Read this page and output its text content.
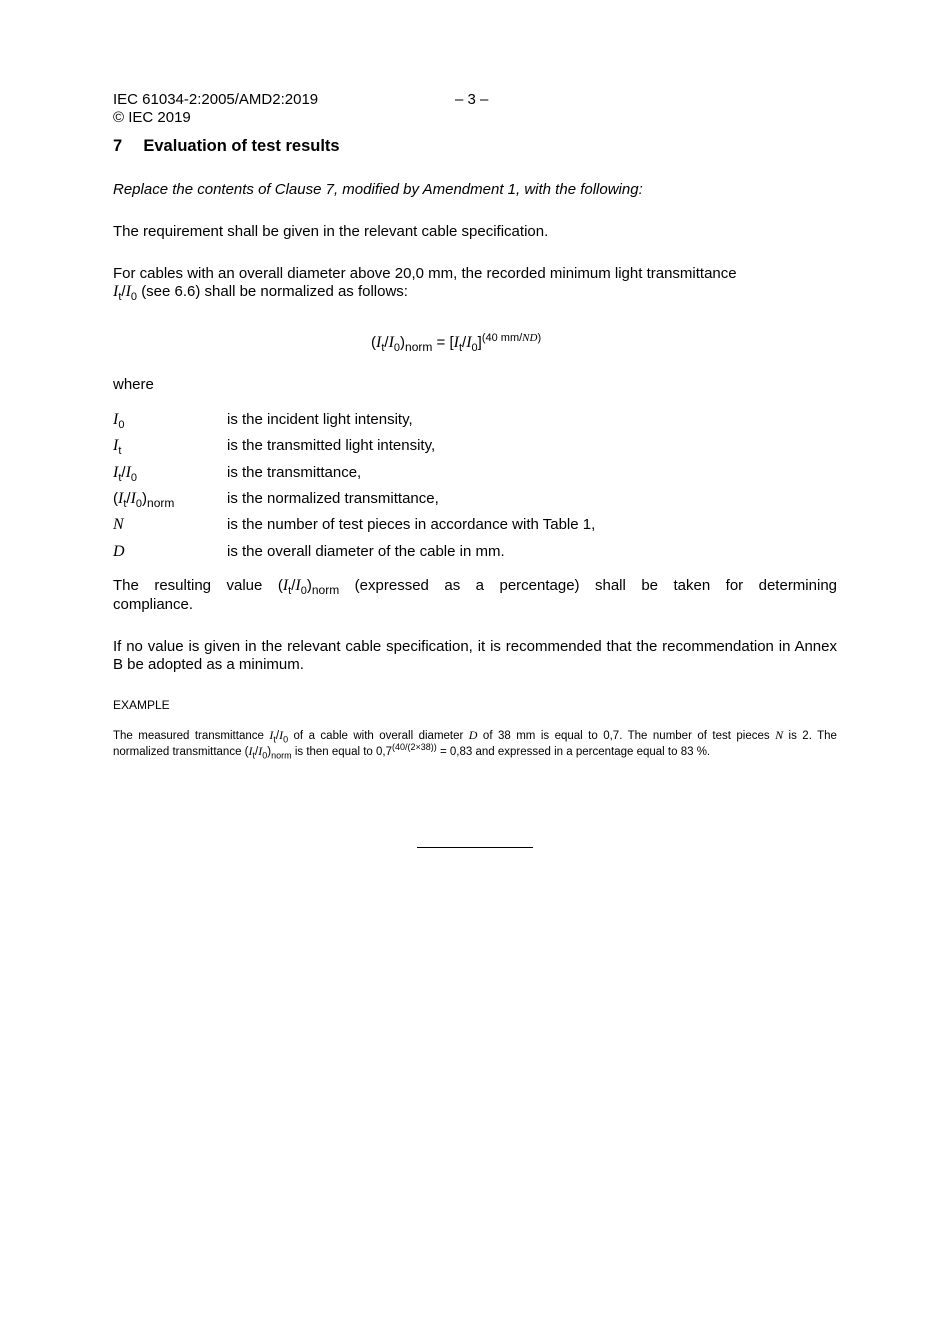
IEC 61034-2:2005/AMD2:2019	– 3 –
© IEC 2019
7 Evaluation of test results
Replace the contents of Clause 7, modified by Amendment 1, with the following:
The requirement shall be given in the relevant cable specification.
For cables with an overall diameter above 20,0 mm, the recorded minimum light transmittance
$I_t/I_0$ (see 6.6) shall be normalized as follows:
$(I_t/I_0)_{norm} = [I_t/I_0]^{(40 mm/ND)}$
where
$I_0$	is the incident light intensity,
$I_t$	is the transmitted light intensity,
$I_t/I_0$	is the transmittance,
$(I_t/I_0)_{norm}$	is the normalized transmittance,
N	is the number of test pieces in accordance with Table 1,
D	is the overall diameter of the cable in mm.
The resulting value $(I_t/I_0)_{norm}$ (expressed as a percentage) shall be taken for determining
compliance.
If no value is given in the relevant cable specification, it is recommended that the recommendation in Annex B be adopted as a minimum.
EXAMPLE
The measured transmittance $I_t/I_0$ of a cable with overall diameter D of 38 mm is equal to 0,7. The number of test pieces N is 2. The normalized transmittance $(I_t/I_0)_{norm}$ is then equal to $0,7^{(40/(2\times 38))} = 0,83$ and expressed in a percentage equal to 83 %.
